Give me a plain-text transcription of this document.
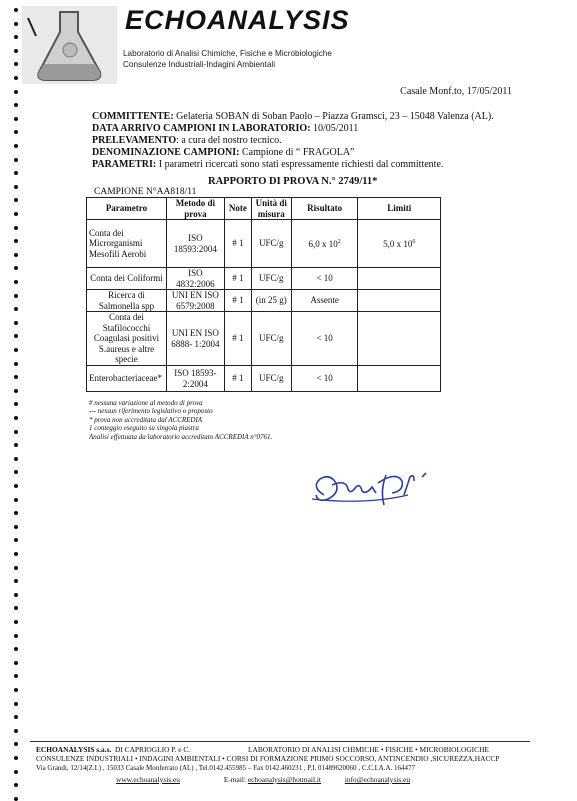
ECHOANALYSIS
Laboratorio di Analisi Chimiche, Fisiche e Microbiologiche
Consulenze Industriali-Indagini Ambientali
Casale Monf.to, 17/05/2011
COMMITTENTE: Gelateria SOBAN di Soban Paolo – Piazza Gramsci, 23 – 15048 Valenza (AL).
DATA ARRIVO CAMPIONI IN LABORATORIO: 10/05/2011
PRELEVAMENTO: a cura del nostro tecnico.
DENOMINAZIONE CAMPIONI: Campione di “ FRAGOLA”
PARAMETRI: I parametri ricercati sono stati espressamente richiesti dal committente.
RAPPORTO DI PROVA N.° 2749/11*
CAMPIONE N°AA818/11
Parametro	Metodo di prova	Note	Unità di misura	Risultato	Limiti
Conta dei Microrganismi Mesofili Aerobi	ISO 18593:2004	# 1	UFC/g	6,0 x $10^2$	5,0 x $10^6$
Conta dei Coliformi	ISO 4832:2006	# 1	UFC/g	< 10	
Ricerca di Salmonella spp	UNI EN ISO 6579:2008	# 1	(in 25 g)	Assente	
Conta dei Stafilococchi Coagulasi positivi S.aureus e altre specie	UNI EN ISO 6888- 1:2004	# 1	UFC/g	< 10	
Enterobacteriaceae*	ISO 18593- 2:2004	# 1	UFC/g	< 10	
# nessuna variazione al metodo di prova
--- nessun riferimento legislativo o proposto
* prova non accreditata dal ACCREDIA
1 conteggio eseguito su singola piastra
Analisi effettuata da laboratorio accreditato ACCREDIA n°0761.
ECHOANALYSIS s.a.s. DI CAPRIOGLIO P. e C.	LABORATORIO DI ANALISI CHIMICHE • FISICHE • MICROBIOLOGICHE
CONSULENZE INDUSTRIALI • INDAGINI AMBIENTALI • CORSI DI FORMAZIONE PRIMO SOCCORSO, ANTINCENDIO ,SICUREZZA,HACCP
Via Grandi, 12/14(Z.I.) , 15033 Casale Monferrato (AL) , Tel.0142.455985 – Fax 0142.460231 , P.I. 01489620060 , C.C.I.A.A. 164477
www.echoanalysis.eu	E-mail: echoanalysis@hotmail.it	info@echoanalysis.eu
